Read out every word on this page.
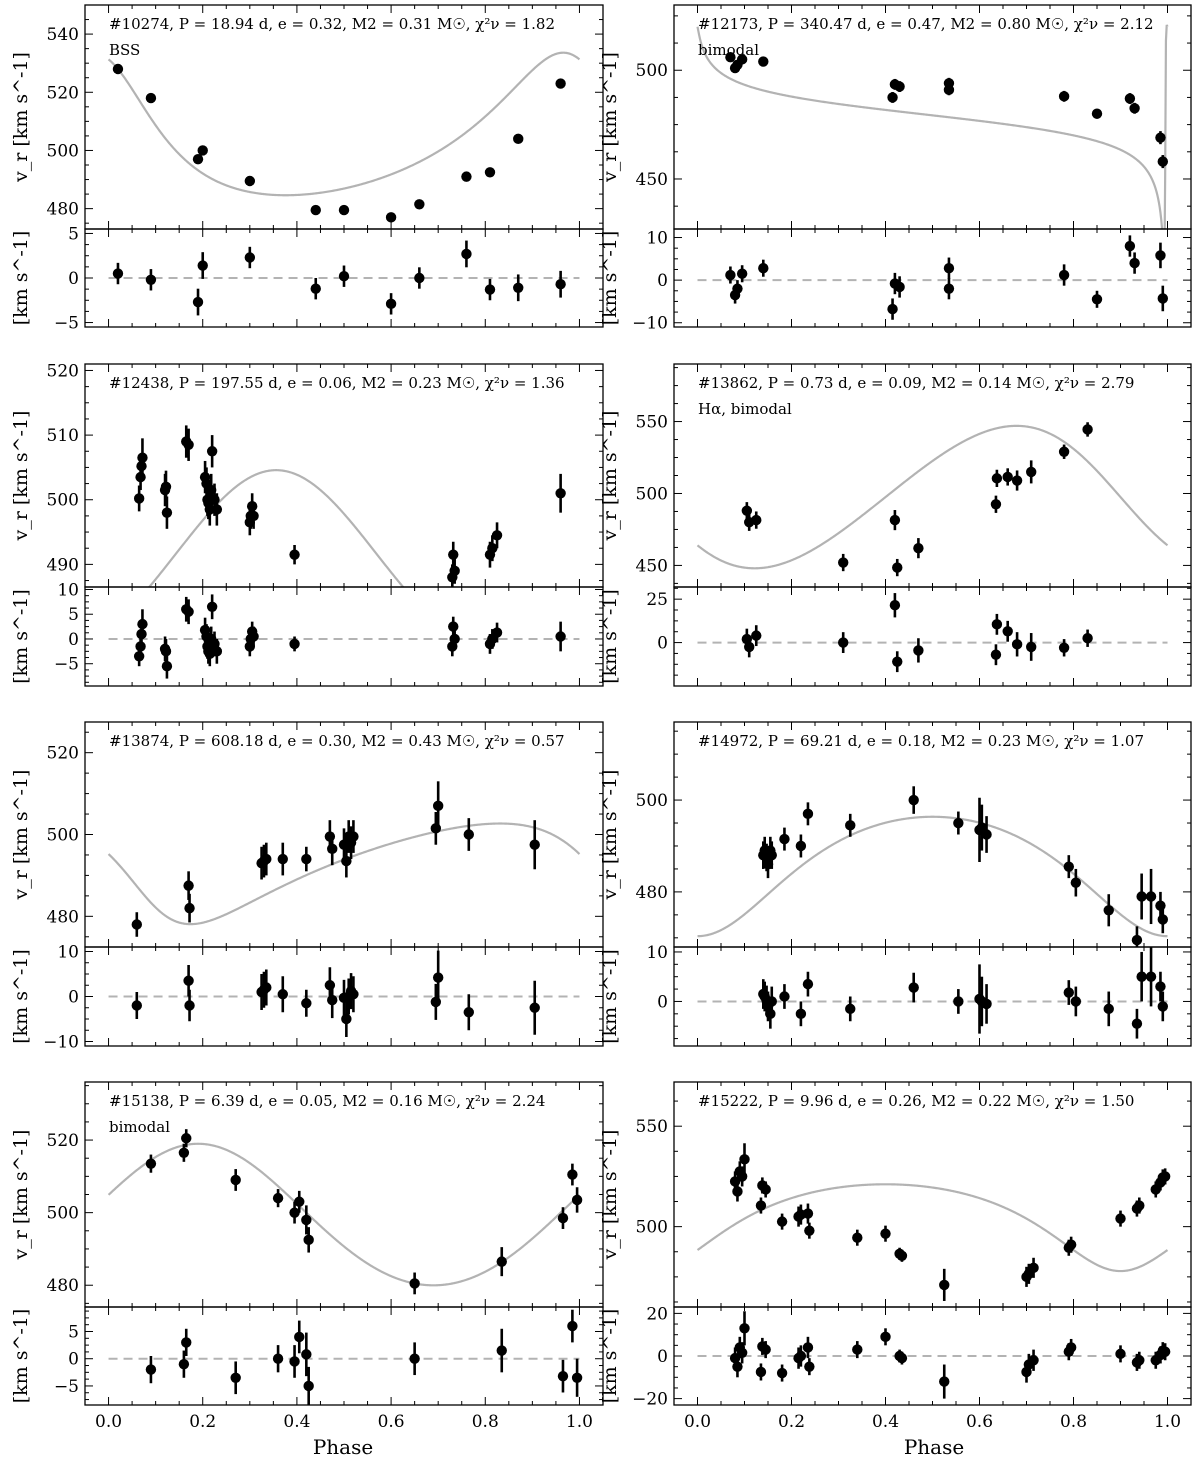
Phase	Phase
480
500
520
540
−5
0
5
v_r [km s^-1]
[km s^-1]
#10274, P = 18.94 d, e = 0.32, M2 = 0.31 M☉, χ²ν = 1.82
BSS
450
500
−10
0
10
v_r [km s^-1]
[km s^-1]
#12173, P = 340.47 d, e = 0.47, M2 = 0.80 M☉, χ²ν = 2.12
bimodal
490
500
510
520
−5
0
5
10
v_r [km s^-1]
[km s^-1]
#12438, P = 197.55 d, e = 0.06, M2 = 0.23 M☉, χ²ν = 1.36
450
500
550
0
25
v_r [km s^-1]
[km s^-1]
#13862, P = 0.73 d, e = 0.09, M2 = 0.14 M☉, χ²ν = 2.79
Hα, bimodal
480
500
520
−10
0
10
v_r [km s^-1]
[km s^-1]
#13874, P = 608.18 d, e = 0.30, M2 = 0.43 M☉, χ²ν = 0.57
480
500
0
10
v_r [km s^-1]
[km s^-1]
#14972, P = 69.21 d, e = 0.18, M2 = 0.23 M☉, χ²ν = 1.07
0.0	0.2	0.4	0.6	0.8	1.0
480
500
520
−5
0
5
v_r [km s^-1]
[km s^-1]
#15138, P = 6.39 d, e = 0.05, M2 = 0.16 M☉, χ²ν = 2.24
bimodal
0.0	0.2	0.4	0.6	0.8	1.0
500
550
−20
0
20
v_r [km s^-1]
[km s^-1]
#15222, P = 9.96 d, e = 0.26, M2 = 0.22 M☉, χ²ν = 1.50
